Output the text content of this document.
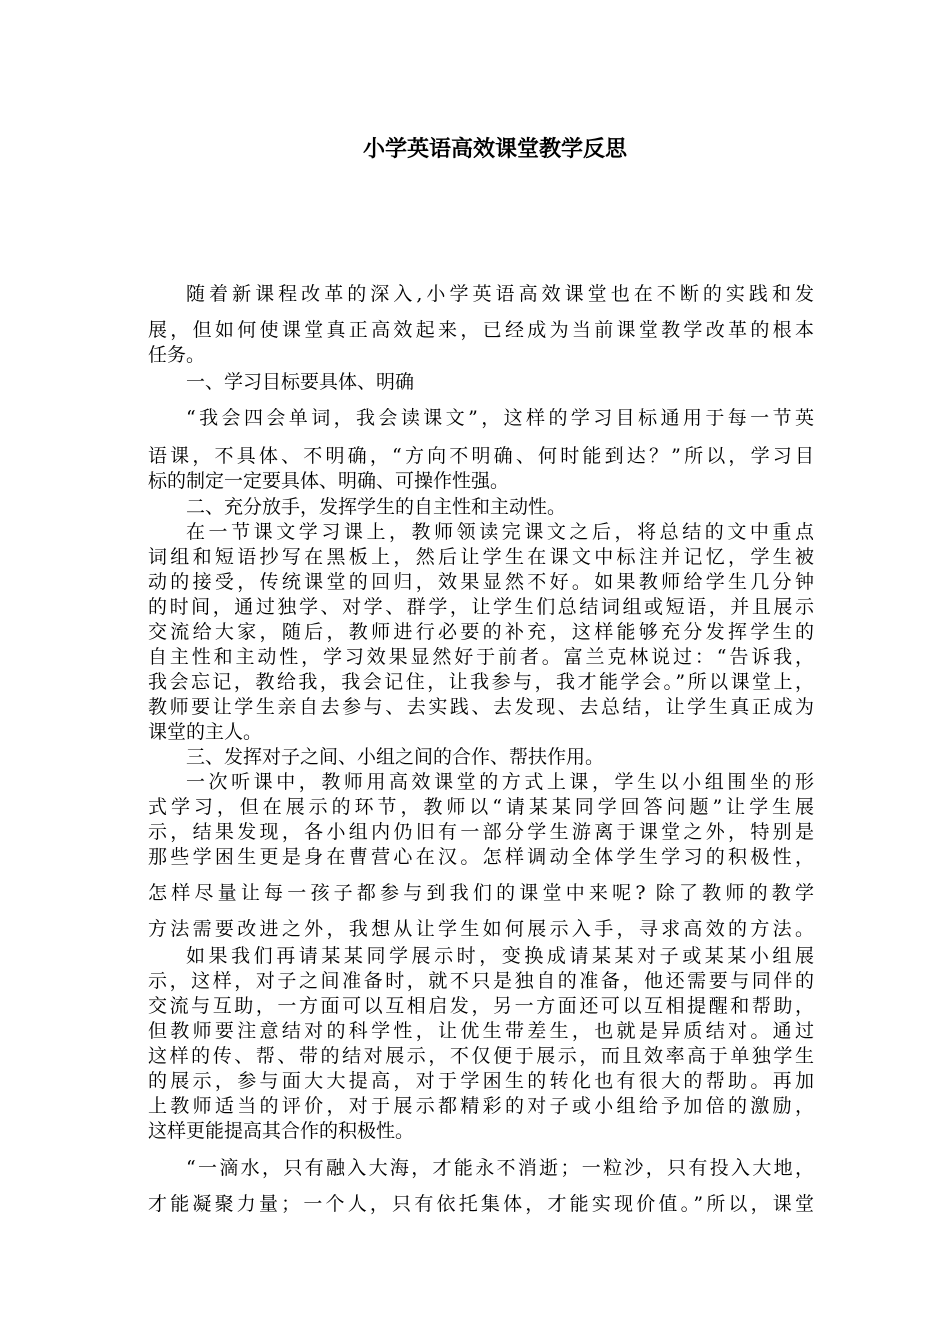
小学英语高效课堂教学反思
随着新课程改革的深入,小学英语高效课堂也在不断的实践和发
展，但如何使课堂真正高效起来，已经成为当前课堂教学改革的根本
任务。
一、学习目标要具体、明确
“我会四会单词，我会读课文”，这样的学习目标通用于每一节英
语课，不具体、不明确，“方向不明确、何时能到达？”所以，学习目
标的制定一定要具体、明确、可操作性强。
二、充分放手，发挥学生的自主性和主动性。
在一节课文学习课上，教师领读完课文之后，将总结的文中重点
词组和短语抄写在黑板上，然后让学生在课文中标注并记忆，学生被
动的接受，传统课堂的回归，效果显然不好。如果教师给学生几分钟
的时间，通过独学、对学、群学，让学生们总结词组或短语，并且展示
交流给大家，随后，教师进行必要的补充，这样能够充分发挥学生的
自主性和主动性，学习效果显然好于前者。富兰克林说过：“告诉我，
我会忘记，教给我，我会记住，让我参与，我才能学会。”所以课堂上，
教师要让学生亲自去参与、去实践、去发现、去总结，让学生真正成为
课堂的主人。
三、发挥对子之间、小组之间的合作、帮扶作用。
一次听课中，教师用高效课堂的方式上课，学生以小组围坐的形
式学习，但在展示的环节，教师以“请某某同学回答问题”让学生展
示，结果发现，各小组内仍旧有一部分学生游离于课堂之外，特别是
那些学困生更是身在曹营心在汉。怎样调动全体学生学习的积极性，
怎样尽量让每一孩子都参与到我们的课堂中来呢? 除了教师的教学
方法需要改进之外，我想从让学生如何展示入手，寻求高效的方法。
如果我们再请某某同学展示时，变换成请某某对子或某某小组展
示，这样，对子之间准备时，就不只是独自的准备，他还需要与同伴的
交流与互助，一方面可以互相启发，另一方面还可以互相提醒和帮助，
但教师要注意结对的科学性，让优生带差生，也就是异质结对。通过
这样的传、帮、带的结对展示，不仅便于展示，而且效率高于单独学生
的展示，参与面大大提高，对于学困生的转化也有很大的帮助。再加
上教师适当的评价，对于展示都精彩的对子或小组给予加倍的激励，
这样更能提高其合作的积极性。
“一滴水，只有融入大海，才能永不消逝；一粒沙，只有投入大地，
才能凝聚力量；一个人，只有依托集体，才能实现价值。”所以，课堂
